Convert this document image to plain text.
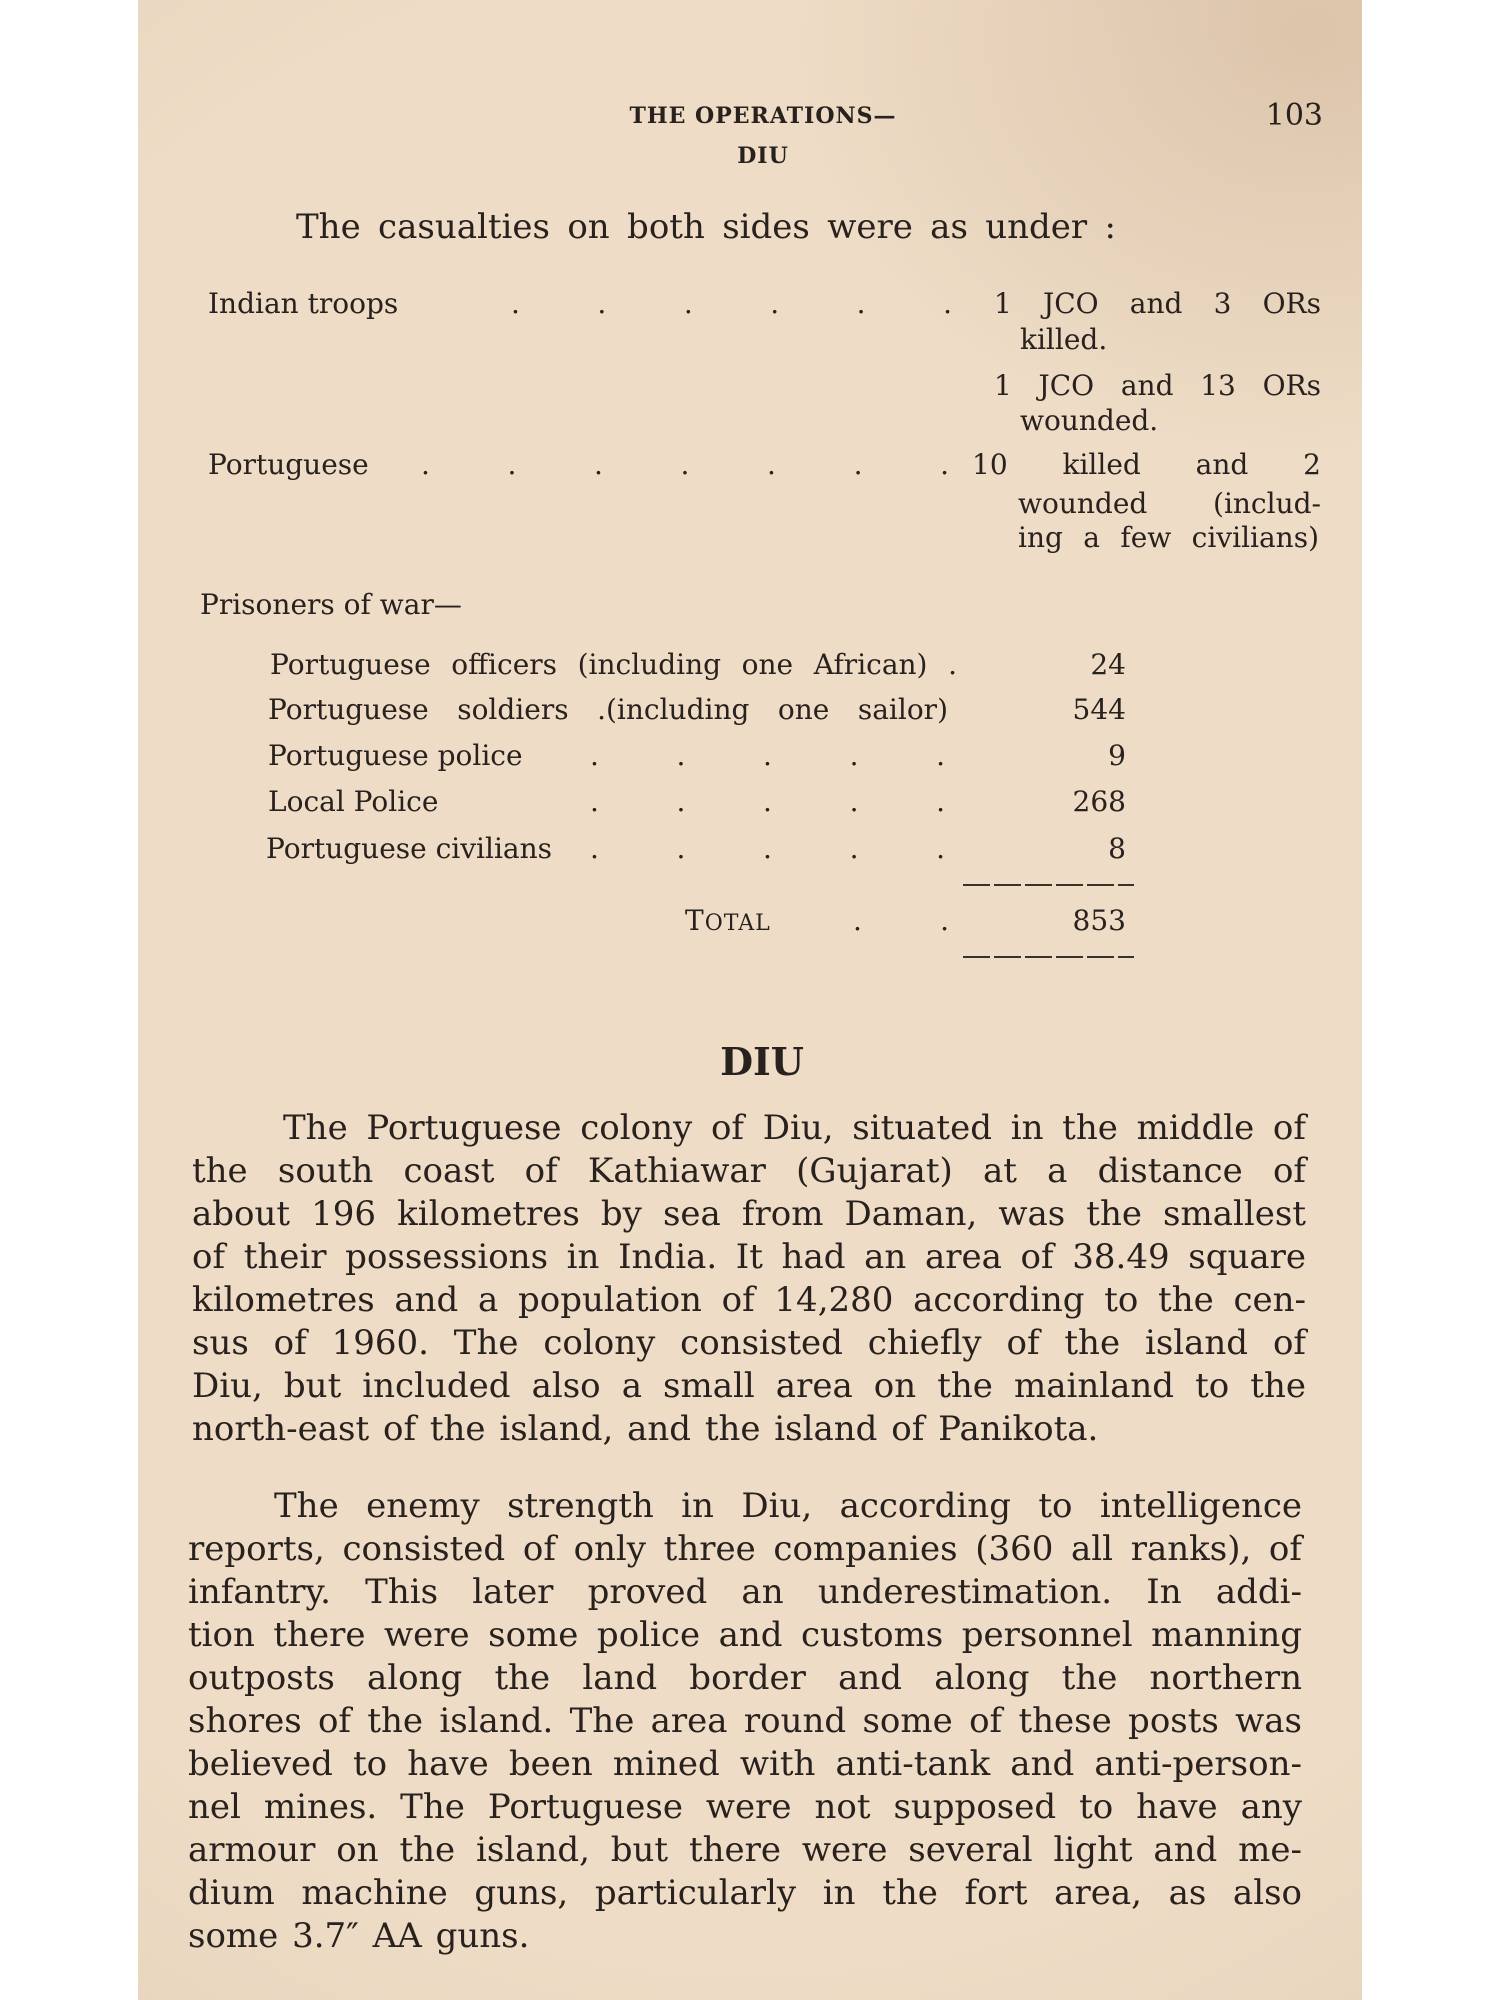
THE OPERATIONS—
DIU
103
The casualties on both sides were as under :
Indian troops	. . . . . . 1 JCO and 3 ORs
killed.
1 JCO and 13 ORs
wounded.
Portuguese . . . . . . . 10 killed and 2
wounded (includ-
ing a few civilians)
Prisoners of war—
Portuguese officers (including one African) .	24
Portuguese soldiers .(including one sailor)	544
Portuguese police . . . . .	9
Local Police	. . . . .	268
Portuguese civilians . . . . .	8
TOTAL	. .	853
DIU
The Portuguese colony of Diu, situated in the middle of
the south coast of Kathiawar (Gujarat) at a distance of
about 196 kilometres by sea from Daman, was the smallest
of their possessions in India. It had an area of 38.49 square
kilometres and a population of 14,280 according to the cen-
sus of 1960. The colony consisted chiefly of the island of
Diu, but included also a small area on the mainland to the
north-east of the island, and the island of Panikota.
The enemy strength in Diu, according to intelligence
reports, consisted of only three companies (360 all ranks), of
infantry. This later proved an underestimation. In addi-
tion there were some police and customs personnel manning
outposts along the land border and along the northern
shores of the island. The area round some of these posts was
believed to have been mined with anti-tank and anti-person-
nel mines. The Portuguese were not supposed to have any
armour on the island, but there were several light and me-
dium machine guns, particularly in the fort area, as also
some 3.7″ AA guns.
